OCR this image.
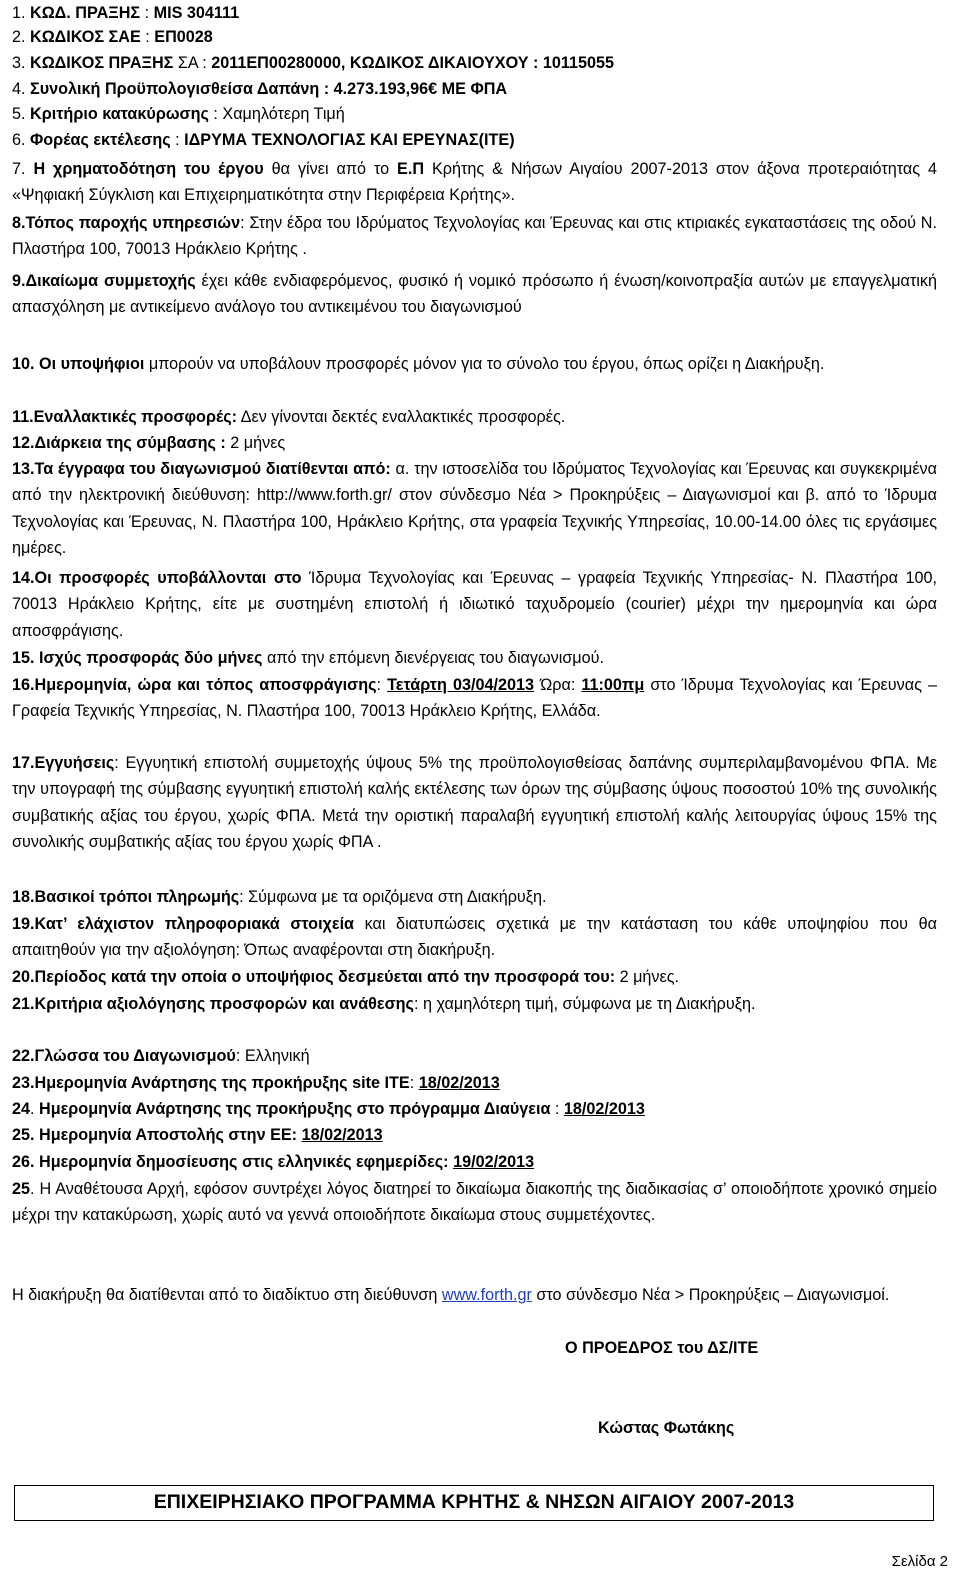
1. ΚΩΔ. ΠΡΑΞΗΣ : MIS 304111

2. ΚΩΔΙΚΟΣ ΣΑΕ : ΕΠ0028

3. ΚΩΔΙΚΟΣ ΠΡΑΞΗΣ ΣΑ : 2011ΕΠ00280000, ΚΩΔΙΚΟΣ ΔΙΚΑΙΟΥΧΟΥ : 10115055

4. Συνολική Προϋπολογισθείσα Δαπάνη : 4.273.193,96€ ΜΕ ΦΠΑ

5. Κριτήριο κατακύρωσης : Χαμηλότερη Τιμή

6. Φορέας εκτέλεσης : ΙΔΡΥΜΑ ΤΕΧΝΟΛΟΓΙΑΣ ΚΑΙ ΕΡΕΥΝΑΣ(ΙΤΕ)

7. Η χρηματοδότηση του έργου θα γίνει από το Ε.Π Κρήτης & Νήσων Αιγαίου 2007-2013 στον άξονα προτεραιότητας 4 «Ψηφιακή Σύγκλιση και Επιχειρηματικότητα στην Περιφέρεια Κρήτης».

8.Τόπος παροχής υπηρεσιών: Στην έδρα του Ιδρύματος Τεχνολογίας και Έρευνας και στις κτιριακές εγκαταστάσεις της οδού Ν. Πλαστήρα 100, 70013 Ηράκλειο Κρήτης .

9.Δικαίωμα συμμετοχής έχει κάθε ενδιαφερόμενος, φυσικό ή νομικό πρόσωπο ή ένωση/κοινοπραξία αυτών με επαγγελματική απασχόληση με αντικείμενο ανάλογο του αντικειμένου του διαγωνισμού

10. Οι υποψήφιοι μπορούν να υποβάλουν προσφορές μόνον για το σύνολο του έργου, όπως ορίζει η Διακήρυξη.

11.Εναλλακτικές προσφορές: Δεν γίνονται δεκτές εναλλακτικές προσφορές.

12.Διάρκεια της σύμβασης : 2 μήνες

13.Τα έγγραφα του διαγωνισμού διατίθενται από: α. την ιστοσελίδα του Ιδρύματος Τεχνολογίας και Έρευνας και συγκεκριμένα από την ηλεκτρονική διεύθυνση: http://www.forth.gr/ στον σύνδεσμο Νέα > Προκηρύξεις – Διαγωνισμοί και β. από το Ίδρυμα Τεχνολογίας και Έρευνας, Ν. Πλαστήρα 100, Ηράκλειο Κρήτης, στα γραφεία Τεχνικής Υπηρεσίας, 10.00-14.00 όλες τις εργάσιμες ημέρες.

14.Οι προσφορές υποβάλλονται στο Ίδρυμα Τεχνολογίας και Έρευνας – γραφεία Τεχνικής Υπηρεσίας- Ν. Πλαστήρα 100, 70013 Ηράκλειο Κρήτης, είτε με συστημένη επιστολή ή ιδιωτικό ταχυδρομείο (courier) μέχρι την ημερομηνία και ώρα αποσφράγισης.

15. Ισχύς προσφοράς δύο μήνες από την επόμενη διενέργειας του διαγωνισμού.

16.Ημερομηνία, ώρα και τόπος αποσφράγισης: Τετάρτη 03/04/2013 Ώρα: 11:00πμ στο Ίδρυμα Τεχνολογίας και Έρευνας – Γραφεία Τεχνικής Υπηρεσίας, Ν. Πλαστήρα 100, 70013 Ηράκλειο Κρήτης, Ελλάδα.

17.Εγγυήσεις: Εγγυητική επιστολή συμμετοχής ύψους 5% της προϋπολογισθείσας δαπάνης συμπεριλαμβανομένου ΦΠΑ. Με την υπογραφή της σύμβασης εγγυητική επιστολή καλής εκτέλεσης των όρων της σύμβασης ύψους ποσοστού 10% της συνολικής συμβατικής αξίας του έργου, χωρίς ΦΠΑ. Μετά την οριστική παραλαβή εγγυητική επιστολή καλής λειτουργίας ύψους 15% της συνολικής συμβατικής αξίας του έργου χωρίς ΦΠΑ .

18.Βασικοί τρόποι πληρωμής: Σύμφωνα με τα οριζόμενα στη Διακήρυξη.

19.Κατ’ ελάχιστον πληροφοριακά στοιχεία και διατυπώσεις σχετικά με την κατάσταση του κάθε υποψηφίου που θα απαιτηθούν για την αξιολόγηση: Όπως αναφέρονται στη διακήρυξη.

20.Περίοδος κατά την οποία ο υποψήφιος δεσμεύεται από την προσφορά του: 2 μήνες.

21.Κριτήρια αξιολόγησης προσφορών και ανάθεσης: η χαμηλότερη τιμή, σύμφωνα με τη Διακήρυξη.

22.Γλώσσα του Διαγωνισμού: Ελληνική

23.Ημερομηνία Ανάρτησης της προκήρυξης site ΙΤΕ: 18/02/2013

24. Ημερομηνία Ανάρτησης της προκήρυξης στο πρόγραμμα Διαύγεια : 18/02/2013

25. Ημερομηνία Αποστολής στην ΕΕ: 18/02/2013

26. Ημερομηνία δημοσίευσης στις ελληνικές εφημερίδες: 19/02/2013

25. Η Αναθέτουσα Αρχή, εφόσον συντρέχει λόγος διατηρεί το δικαίωμα διακοπής της διαδικασίας σ’ οποιοδήποτε χρονικό σημείο μέχρι την κατακύρωση, χωρίς αυτό να γεννά οποιοδήποτε δικαίωμα στους συμμετέχοντες.

Η διακήρυξη θα διατίθενται από το διαδίκτυο στη διεύθυνση www.forth.gr στο σύνδεσμο Νέα > Προκηρύξεις – Διαγωνισμοί.

Ο ΠΡΟΕΔΡΟΣ του ΔΣ/ΙΤΕ
Κώστας Φωτάκης
ΕΠΙΧΕΙΡΗΣΙΑΚΟ ΠΡΟΓΡΑΜΜΑ ΚΡΗΤΗΣ & ΝΗΣΩΝ ΑΙΓΑΙΟΥ 2007-2013
Σελίδα 2
